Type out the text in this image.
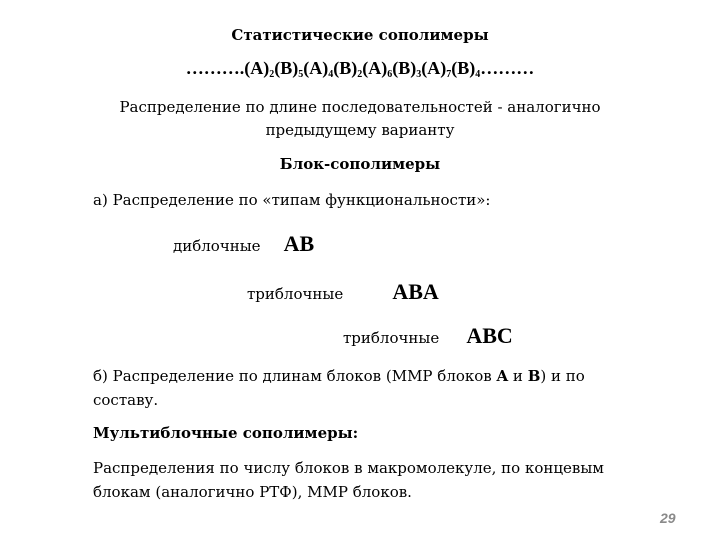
Статистические сополимеры
$\dots\dots\dots.(A)_2(B)_5(A)_4(B)_2(A)_6(B)_3(A)_7(B)_4\dots\dots\dots$
Распределение по длине последовательностей - аналогично
предыдущему варианту
Блок-сополимеры
а) Распределение по «типам функциональности»:
диблочные AB
триблочные ABA
триблочные ABC
б) Распределение по длинам блоков (ММР блоков A и B) и по составу.
Мультиблочные сополимеры:
Распределения по числу блоков в макромолекуле, по концевым блокам (аналогично РТФ), ММР блоков.
29
